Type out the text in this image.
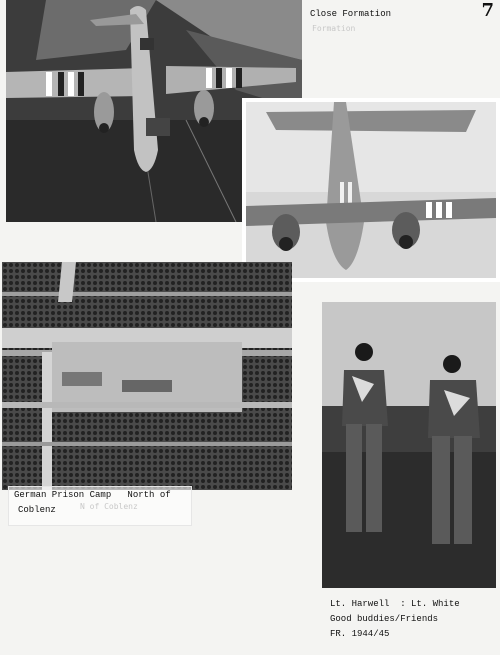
7
Close Formation
Formation
German Prison Camp   North of
Coblenz	N of Coblenz
Lt. Harwell  : Lt. White
Good buddies/Friends
FR. 1944/45
